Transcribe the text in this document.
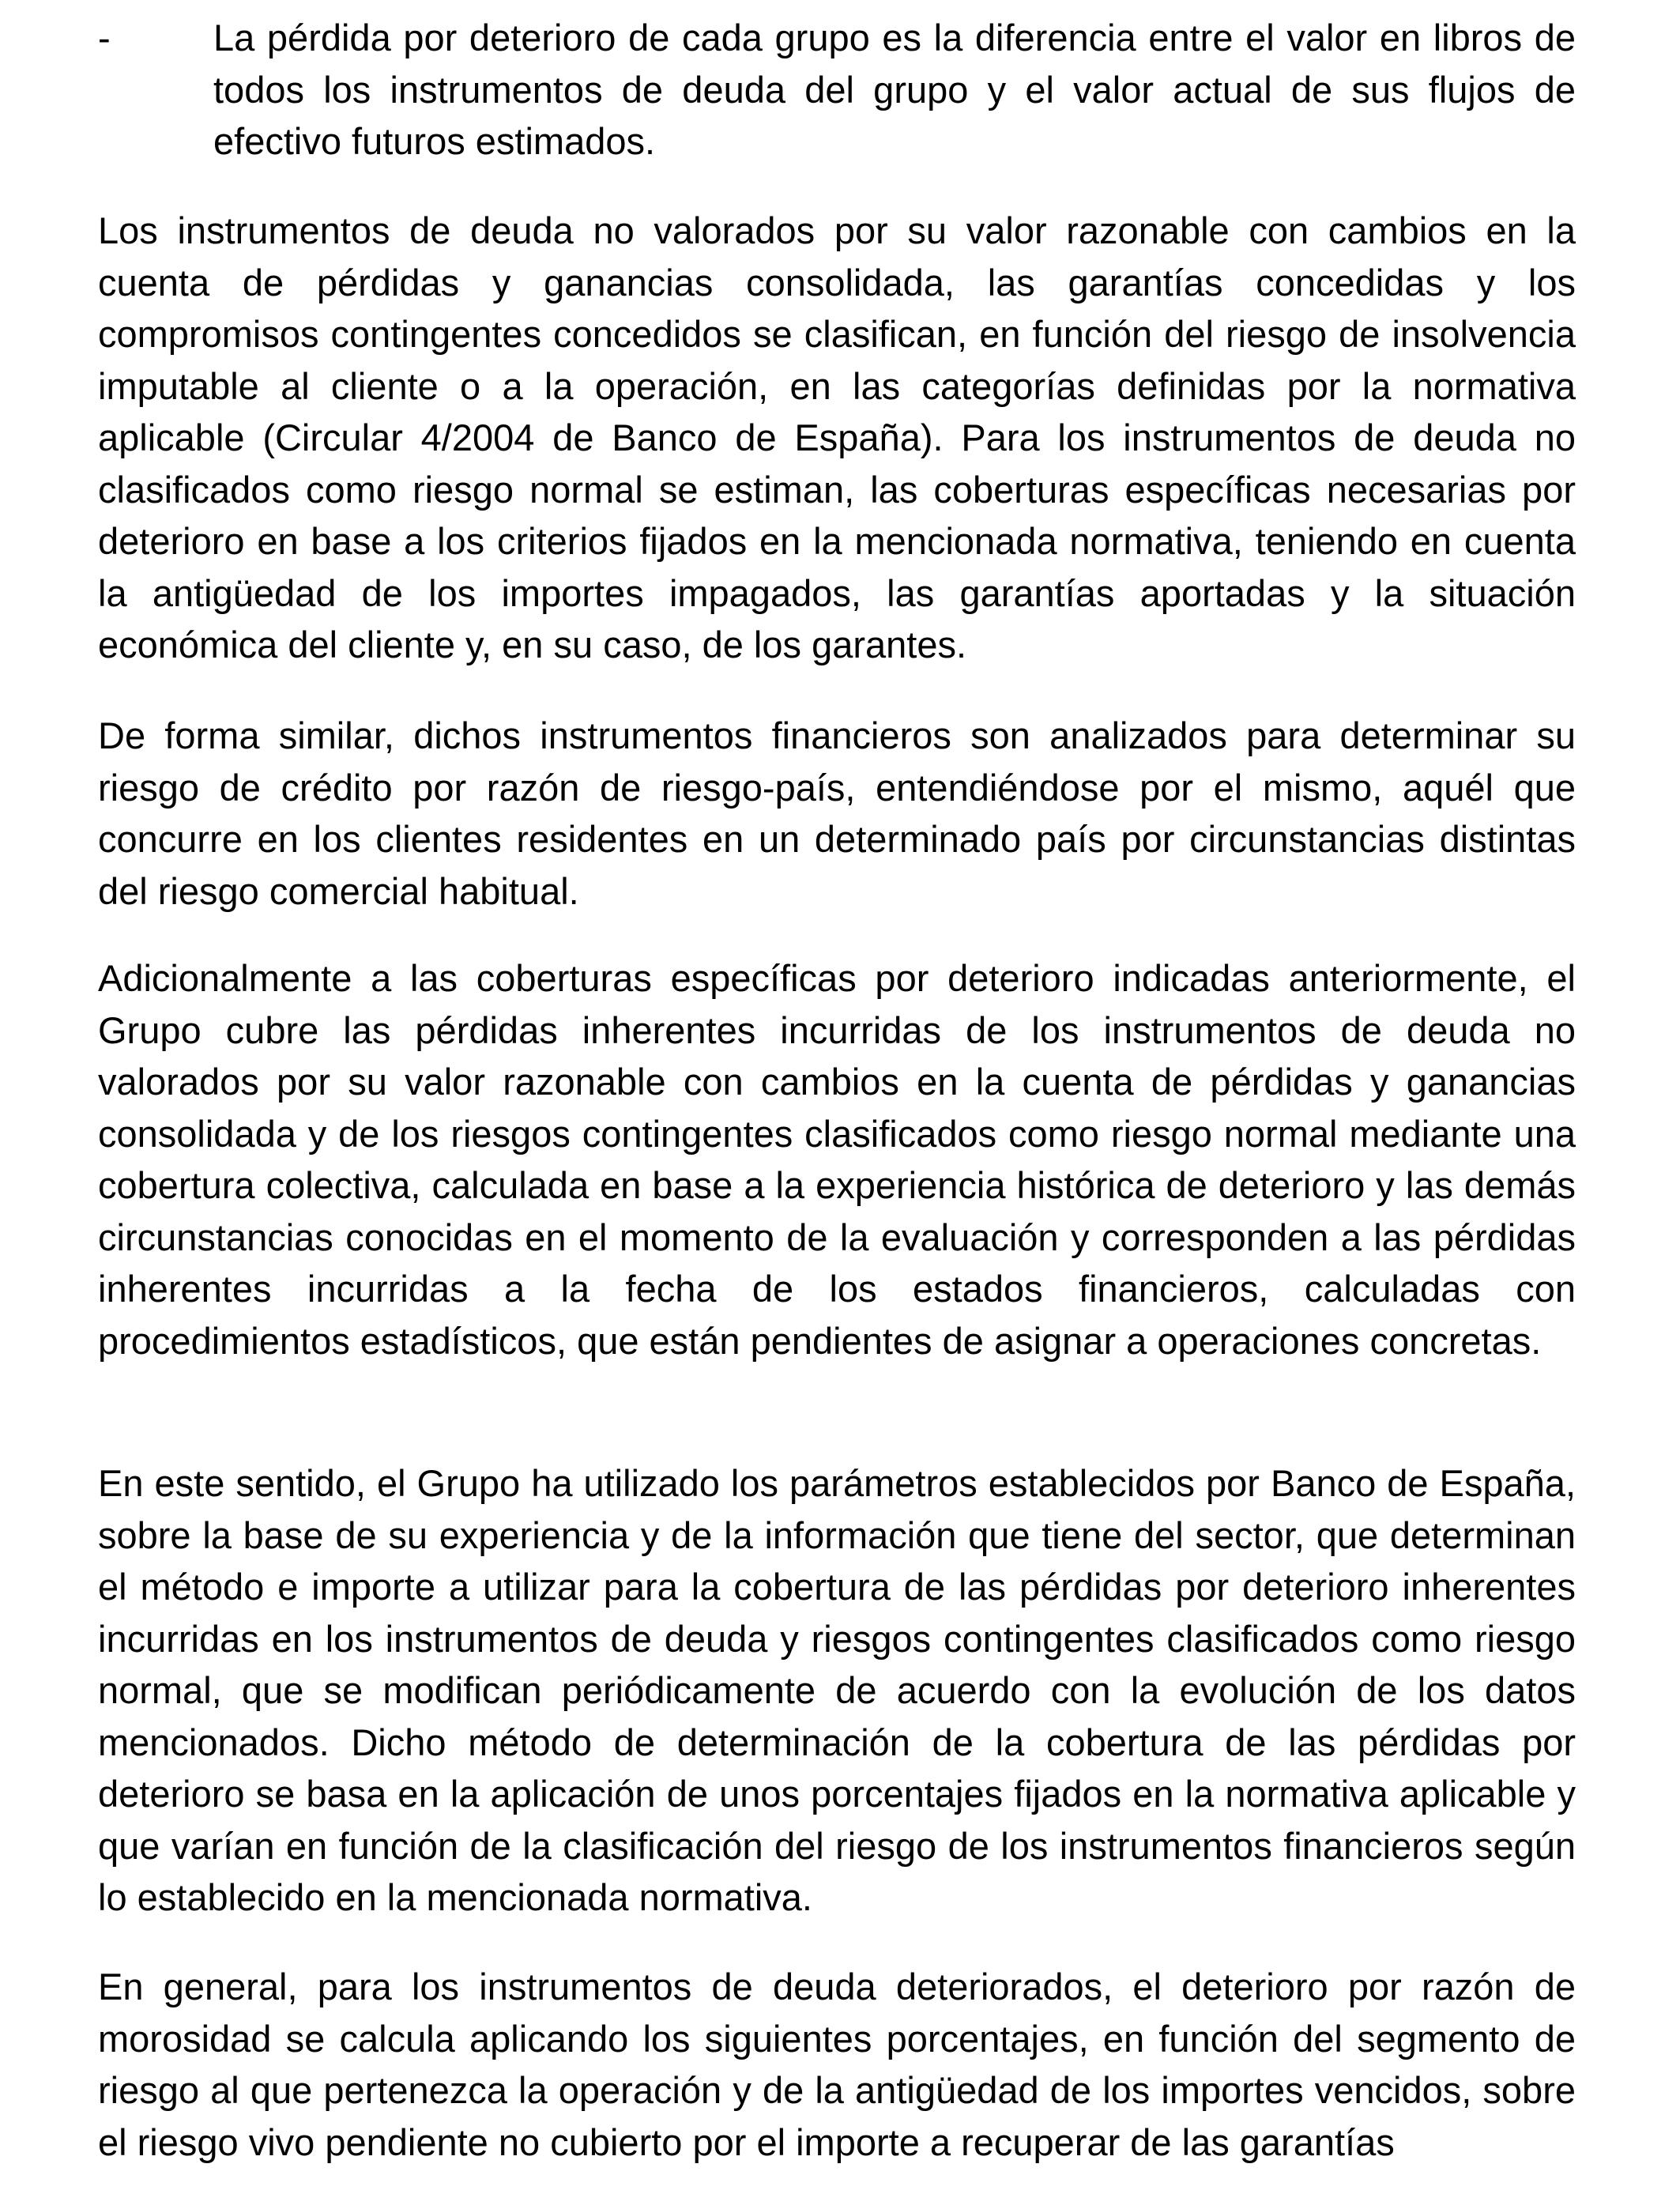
-	La pérdida por deterioro de cada grupo es la diferencia entre el valor en libros de todos los instrumentos de deuda del grupo y el valor actual de sus flujos de efectivo futuros estimados.

Los instrumentos de deuda no valorados por su valor razonable con cambios en la cuenta de pérdidas y ganancias consolidada, las garantías concedidas y los compromisos contingentes concedidos se clasifican, en función del riesgo de insolvencia imputable al cliente o a la operación, en las categorías definidas por la normativa aplicable (Circular 4/2004 de Banco de España). Para los instrumentos de deuda no clasificados como riesgo normal se estiman, las coberturas específicas necesarias por deterioro en base a los criterios fijados en la mencionada normativa, teniendo en cuenta la antigüedad de los importes impagados, las garantías aportadas y la situación económica del cliente y, en su caso, de los garantes.

De forma similar, dichos instrumentos financieros son analizados para determinar su riesgo de crédito por razón de riesgo-país, entendiéndose por el mismo, aquél que concurre en los clientes residentes en un determinado país por circunstancias distintas del riesgo comercial habitual.

Adicionalmente a las coberturas específicas por deterioro indicadas anteriormente, el Grupo cubre las pérdidas inherentes incurridas de los instrumentos de deuda no valorados por su valor razonable con cambios en la cuenta de pérdidas y ganancias consolidada y de los riesgos contingentes clasificados como riesgo normal mediante una cobertura colectiva, calculada en base a la experiencia histórica de deterioro y las demás circunstancias conocidas en el momento de la evaluación y corresponden a las pérdidas inherentes incurridas a la fecha de los estados financieros, calculadas con procedimientos estadísticos, que están pendientes de asignar a operaciones concretas.

En este sentido, el Grupo ha utilizado los parámetros establecidos por Banco de España, sobre la base de su experiencia y de la información que tiene del sector, que determinan el método e importe a utilizar para la cobertura de las pérdidas por deterioro inherentes incurridas en los instrumentos de deuda y riesgos contingentes clasificados como riesgo normal, que se modifican periódicamente de acuerdo con la evolución de los datos mencionados. Dicho método de determinación de la cobertura de las pérdidas por deterioro se basa en la aplicación de unos porcentajes fijados en la normativa aplicable y que varían en función de la clasificación del riesgo de los instrumentos financieros según lo establecido en la mencionada normativa.

En general, para los instrumentos de deuda deteriorados, el deterioro por razón de morosidad se calcula aplicando los siguientes porcentajes, en función del segmento de riesgo al que pertenezca la operación y de la antigüedad de los importes vencidos, sobre el riesgo vivo pendiente no cubierto por el importe a recuperar de las garantías
